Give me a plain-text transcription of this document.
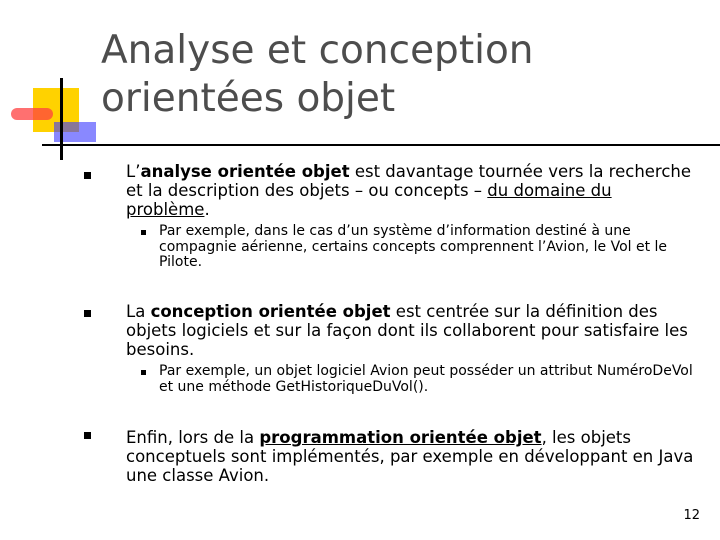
Analyse et conception
orientées objet
L’analyse orientée objet est davantage tournée vers la recherche et la description des objets – ou concepts – du domaine du problème.
Par exemple, dans le cas d’un système d’information destiné à une compagnie aérienne, certains concepts comprennent l’Avion, le Vol et le Pilote.
La conception orientée objet est centrée sur la définition des objets logiciels et sur la façon dont ils collaborent pour satisfaire les besoins.
Par exemple, un objet logiciel Avion peut posséder un attribut NuméroDeVol et une méthode GetHistoriqueDuVol().
Enfin, lors de la programmation orientée objet, les objets conceptuels sont implémentés, par exemple en développant en Java une classe Avion.
12
